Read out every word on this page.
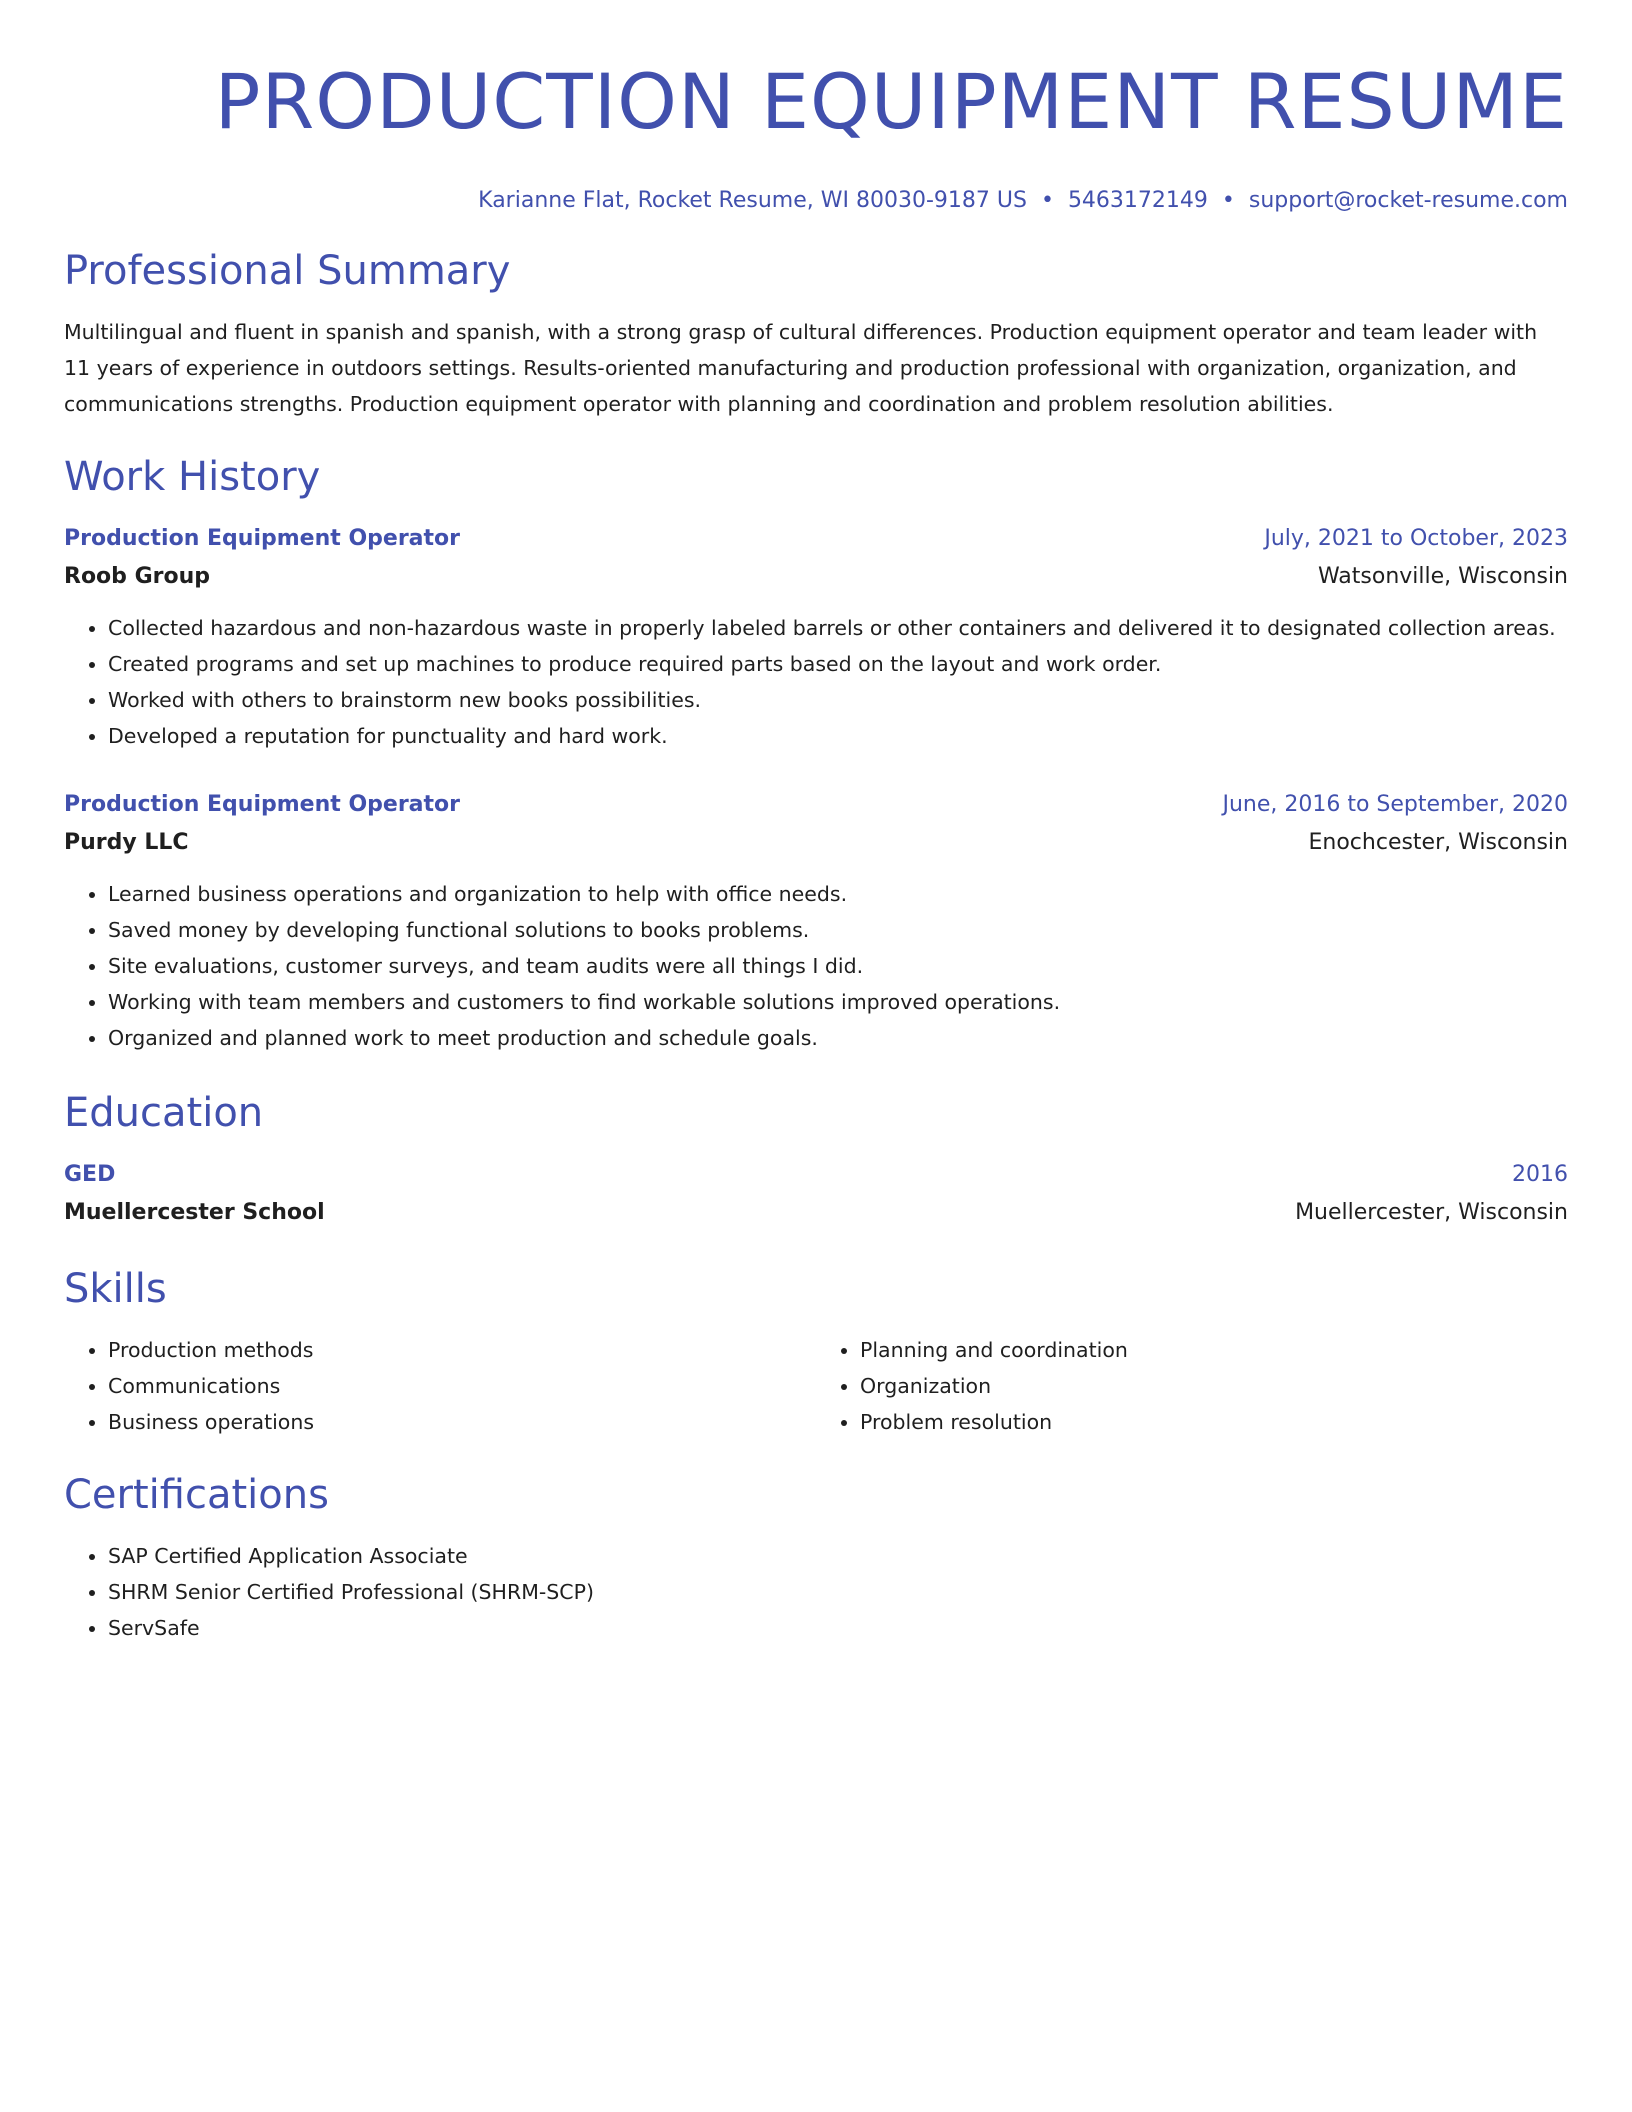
PRODUCTION EQUIPMENT RESUME
Karianne Flat, Rocket Resume, WI 80030-9187 US • 5463172149 • support@rocket-resume.com
Professional Summary

Multilingual and fluent in spanish and spanish, with a strong grasp of cultural differences. Production equipment operator and team leader with 11 years of experience in outdoors settings. Results-oriented manufacturing and production professional with organization, organization, and communications strengths. Production equipment operator with planning and coordination and problem resolution abilities.

Work History
Production Equipment Operator	July, 2021 to October, 2023
Roob Group	Watsonville, Wisconsin
• Collected hazardous and non-hazardous waste in properly labeled barrels or other containers and delivered it to designated collection areas.
• Created programs and set up machines to produce required parts based on the layout and work order.
• Worked with others to brainstorm new books possibilities.
• Developed a reputation for punctuality and hard work.
Production Equipment Operator	June, 2016 to September, 2020
Purdy LLC	Enochcester, Wisconsin
• Learned business operations and organization to help with office needs.
• Saved money by developing functional solutions to books problems.
• Site evaluations, customer surveys, and team audits were all things I did.
• Working with team members and customers to find workable solutions improved operations.
• Organized and planned work to meet production and schedule goals.
Education
GED	2016
Muellercester School	Muellercester, Wisconsin
Skills
• Production methods
• Communications
• Business operations
• Planning and coordination
• Organization
• Problem resolution
Certifications
• SAP Certified Application Associate
• SHRM Senior Certified Professional (SHRM-SCP)
• ServSafe
